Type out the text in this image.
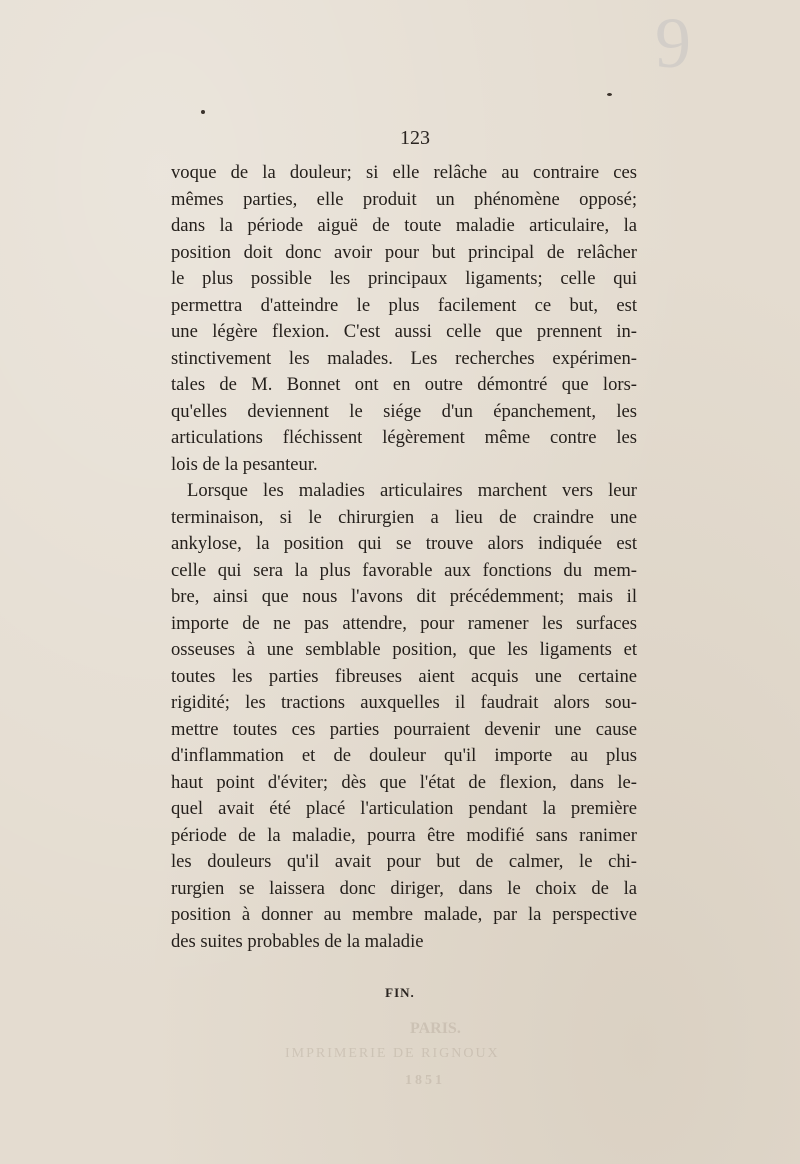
9
PARIS.
IMPRIMERIE DE RIGNOUX
1851
123
voque de la douleur; si elle relâche au contraire ces
mêmes parties, elle produit un phénomène opposé;
dans la période aiguë de toute maladie articulaire, la
position doit donc avoir pour but principal de relâcher
le plus possible les principaux ligaments; celle qui
permettra d'atteindre le plus facilement ce but, est
une légère flexion. C'est aussi celle que prennent in-
stinctivement les malades. Les recherches expérimen-
tales de M. Bonnet ont en outre démontré que lors-
qu'elles deviennent le siége d'un épanchement, les
articulations fléchissent légèrement même contre les
lois de la pesanteur.
Lorsque les maladies articulaires marchent vers leur
terminaison, si le chirurgien a lieu de craindre une
ankylose, la position qui se trouve alors indiquée est
celle qui sera la plus favorable aux fonctions du mem-
bre, ainsi que nous l'avons dit précédemment; mais il
importe de ne pas attendre, pour ramener les surfaces
osseuses à une semblable position, que les ligaments et
toutes les parties fibreuses aient acquis une certaine
rigidité; les tractions auxquelles il faudrait alors sou-
mettre toutes ces parties pourraient devenir une cause
d'inflammation et de douleur qu'il importe au plus
haut point d'éviter; dès que l'état de flexion, dans le-
quel avait été placé l'articulation pendant la première
période de la maladie, pourra être modifié sans ranimer
les douleurs qu'il avait pour but de calmer, le chi-
rurgien se laissera donc diriger, dans le choix de la
position à donner au membre malade, par la perspective
des suites probables de la maladie
FIN.
